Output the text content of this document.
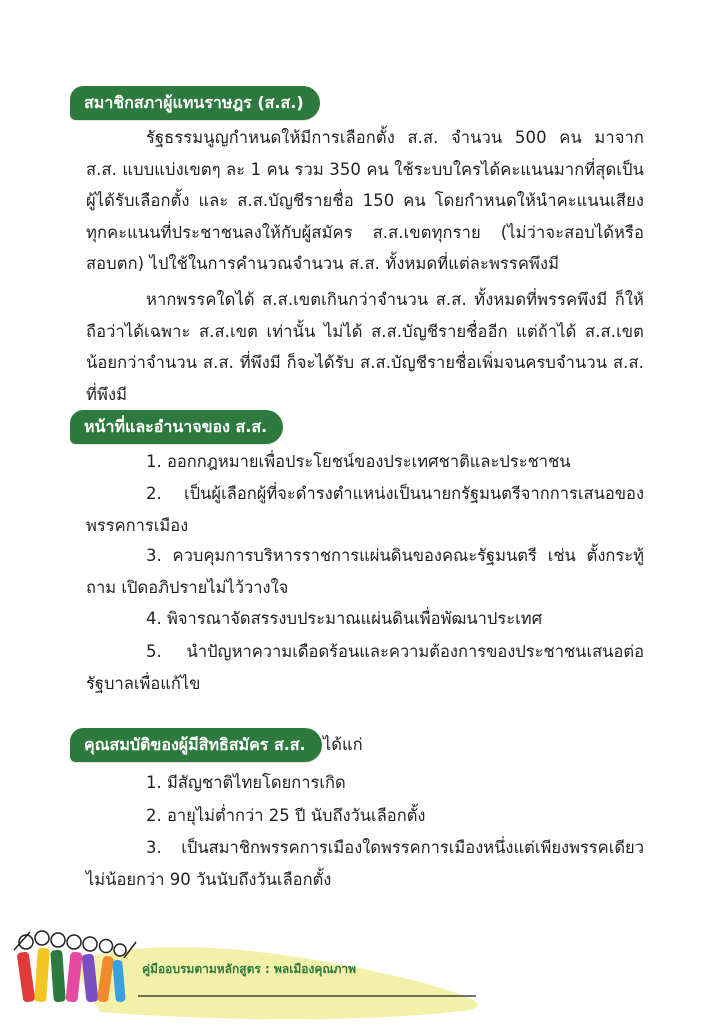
สมาชิกสภาผู้แทนราษฎร (ส.ส.)

รัฐธรรมนูญกำหนดให้มีการเลือกตั้ง ส.ส. จำนวน 500 คน มาจาก ส.ส. แบบแบ่งเขตๆ ละ 1 คน รวม 350 คน ใช้ระบบใครได้คะแนนมากที่สุดเป็นผู้ได้รับเลือกตั้ง และ ส.ส.บัญชีรายชื่อ 150 คน โดยกำหนดให้นำคะแนนเสียงทุกคะแนนที่ประชาชนลงให้กับผู้สมัคร ส.ส.เขตทุกราย (ไม่ว่าจะสอบได้หรือสอบตก) ไปใช้ในการคำนวณจำนวน ส.ส. ทั้งหมดที่แต่ละพรรคพึงมี

หากพรรคใดได้ ส.ส.เขตเกินกว่าจำนวน ส.ส. ทั้งหมดที่พรรคพึงมี ก็ให้ถือว่าได้เฉพาะ ส.ส.เขต เท่านั้น ไม่ได้ ส.ส.บัญชีรายชื่ออีก แต่ถ้าได้ ส.ส.เขตน้อยกว่าจำนวน ส.ส. ที่พึงมี ก็จะได้รับ ส.ส.บัญชีรายชื่อเพิ่มจนครบจำนวน ส.ส. ที่พึงมี

หน้าที่และอำนาจของ ส.ส.

1. ออกกฎหมายเพื่อประโยชน์ของประเทศชาติและประชาชน

2. เป็นผู้เลือกผู้ที่จะดำรงตำแหน่งเป็นนายกรัฐมนตรีจากการเสนอของพรรคการเมือง

3. ควบคุมการบริหารราชการแผ่นดินของคณะรัฐมนตรี เช่น ตั้งกระทู้ถาม เปิดอภิปรายไม่ไว้วางใจ

4. พิจารณาจัดสรรงบประมาณแผ่นดินเพื่อพัฒนาประเทศ

5. นำปัญหาความเดือดร้อนและความต้องการของประชาชนเสนอต่อรัฐบาลเพื่อแก้ไข

คุณสมบัติของผู้มีสิทธิสมัคร ส.ส.	ได้แก่

1. มีสัญชาติไทยโดยการเกิด

2. อายุไม่ต่ำกว่า 25 ปี นับถึงวันเลือกตั้ง

3. เป็นสมาชิกพรรคการเมืองใดพรรคการเมืองหนึ่งแต่เพียงพรรคเดียว ไม่น้อยกว่า 90 วันนับถึงวันเลือกตั้ง

คู่มืออบรมตามหลักสูตร : พลเมืองคุณภาพ
